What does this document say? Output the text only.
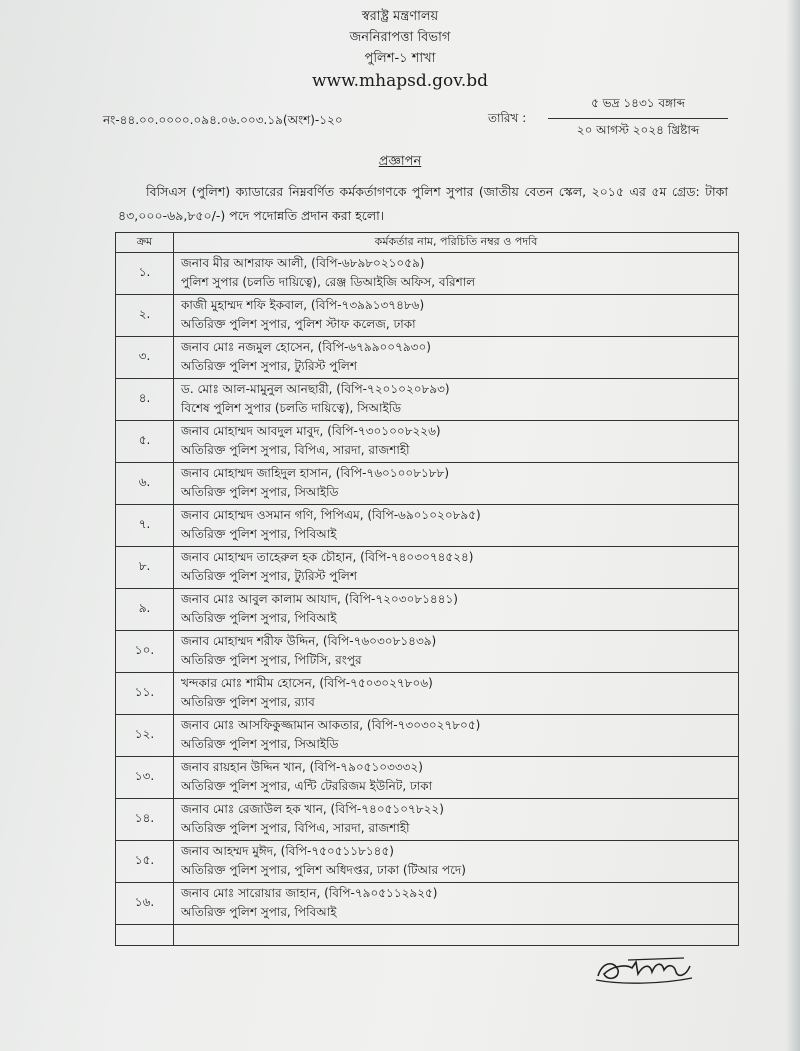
স্বরাষ্ট্র মন্ত্রণালয়
জননিরাপত্তা বিভাগ
পুলিশ-১ শাখা
www.mhapsd.gov.bd
নং-৪৪.০০.০০০০.০৯৪.০৬.০০৩.১৯(অংশ)-১২০	তারিখ :
৫ ভদ্র ১৪৩১ বঙ্গাব্দ
২০ আগস্ট ২০২৪ খ্রিষ্টাব্দ
প্রজ্ঞাপন
বিসিএস (পুলিশ) ক্যাডারের নিম্নবর্ণিত কর্মকর্তাগণকে পুলিশ সুপার (জাতীয় বেতন স্কেল, ২০১৫ এর ৫ম গ্রেড: টাকা ৪৩,০০০-৬৯,৮৫০/-) পদে পদোন্নতি প্রদান করা হলো।
ক্রম	কর্মকর্তার নাম, পরিচিতি নম্বর ও পদবি
১.	জনাব মীর আশরাফ আলী, (বিপি-৬৮৯৮০২১০৫৯)
পুলিশ সুপার (চলতি দায়িত্বে), রেঞ্জ ডিআইজি অফিস, বরিশাল

২.	কাজী মুহাম্মদ শফি ইকবাল, (বিপি-৭৩৯৯১৩৭৪৮৬)
অতিরিক্ত পুলিশ সুপার, পুলিশ স্টাফ কলেজ, ঢাকা

৩.	জনাব মোঃ নজমুল হোসেন, (বিপি-৬৭৯৯০০৭৯৩০)
অতিরিক্ত পুলিশ সুপার, ট্যুরিস্ট পুলিশ

৪.	ড. মোঃ আল-মামুনুল আনছারী, (বিপি-৭২০১০২০৮৯৩)
বিশেষ পুলিশ সুপার (চলতি দায়িত্বে), সিআইডি

৫.	জনাব মোহাম্মদ আবদুল মাবুদ, (বিপি-৭৩০১০০৮২২৬)
অতিরিক্ত পুলিশ সুপার, বিপিএ, সারদা, রাজশাহী

৬.	জনাব মোহাম্মদ জাহিদুল হাসান, (বিপি-৭৬০১০০৮১৮৮)
অতিরিক্ত পুলিশ সুপার, সিআইডি

৭.	জনাব মোহাম্মদ ওসমান গণি, পিপিএম, (বিপি-৬৯০১০২০৮৯৫)
অতিরিক্ত পুলিশ সুপার, পিবিআই

৮.	জনাব মোহাম্মদ তাহেরুল হক চৌহান, (বিপি-৭৪০৩০৭৪৫২৪)
অতিরিক্ত পুলিশ সুপার, ট্যুরিস্ট পুলিশ

৯.	জনাব মোঃ আবুল কালাম আযাদ, (বিপি-৭২০৩০৮১৪৪১)
অতিরিক্ত পুলিশ সুপার, পিবিআই

১০.	জনাব মোহাম্মদ শরীফ উদ্দিন, (বিপি-৭৬০৩০৮১৪৩৯)
অতিরিক্ত পুলিশ সুপার, পিটিসি, রংপুর

১১.	খন্দকার মোঃ শামীম হোসেন, (বিপি-৭৫০৩০২৭৮০৬)
অতিরিক্ত পুলিশ সুপার, র‍্যাব

১২.	জনাব মোঃ আসফিকুজ্জামান আকতার, (বিপি-৭৩০৩০২৭৮০৫)
অতিরিক্ত পুলিশ সুপার, সিআইডি

১৩.	জনাব রায়হান উদ্দিন খান, (বিপি-৭৯০৫১০৩৩৩২)
অতিরিক্ত পুলিশ সুপার, এন্টি টেররিজম ইউনিট, ঢাকা

১৪.	জনাব মোঃ রেজাউল হক খান, (বিপি-৭৪০৫১০৭৮২২)
অতিরিক্ত পুলিশ সুপার, বিপিএ, সারদা, রাজশাহী

১৫.	জনাব আহম্মদ মুঈদ, (বিপি-৭৫০৫১১৮১৪৫)
অতিরিক্ত পুলিশ সুপার, পুলিশ অধিদপ্তর, ঢাকা (টিআর পদে)

১৬.	জনাব মোঃ সারোয়ার জাহান, (বিপি-৭৯০৫১১২৯২৫)
অতিরিক্ত পুলিশ সুপার, পিবিআই
